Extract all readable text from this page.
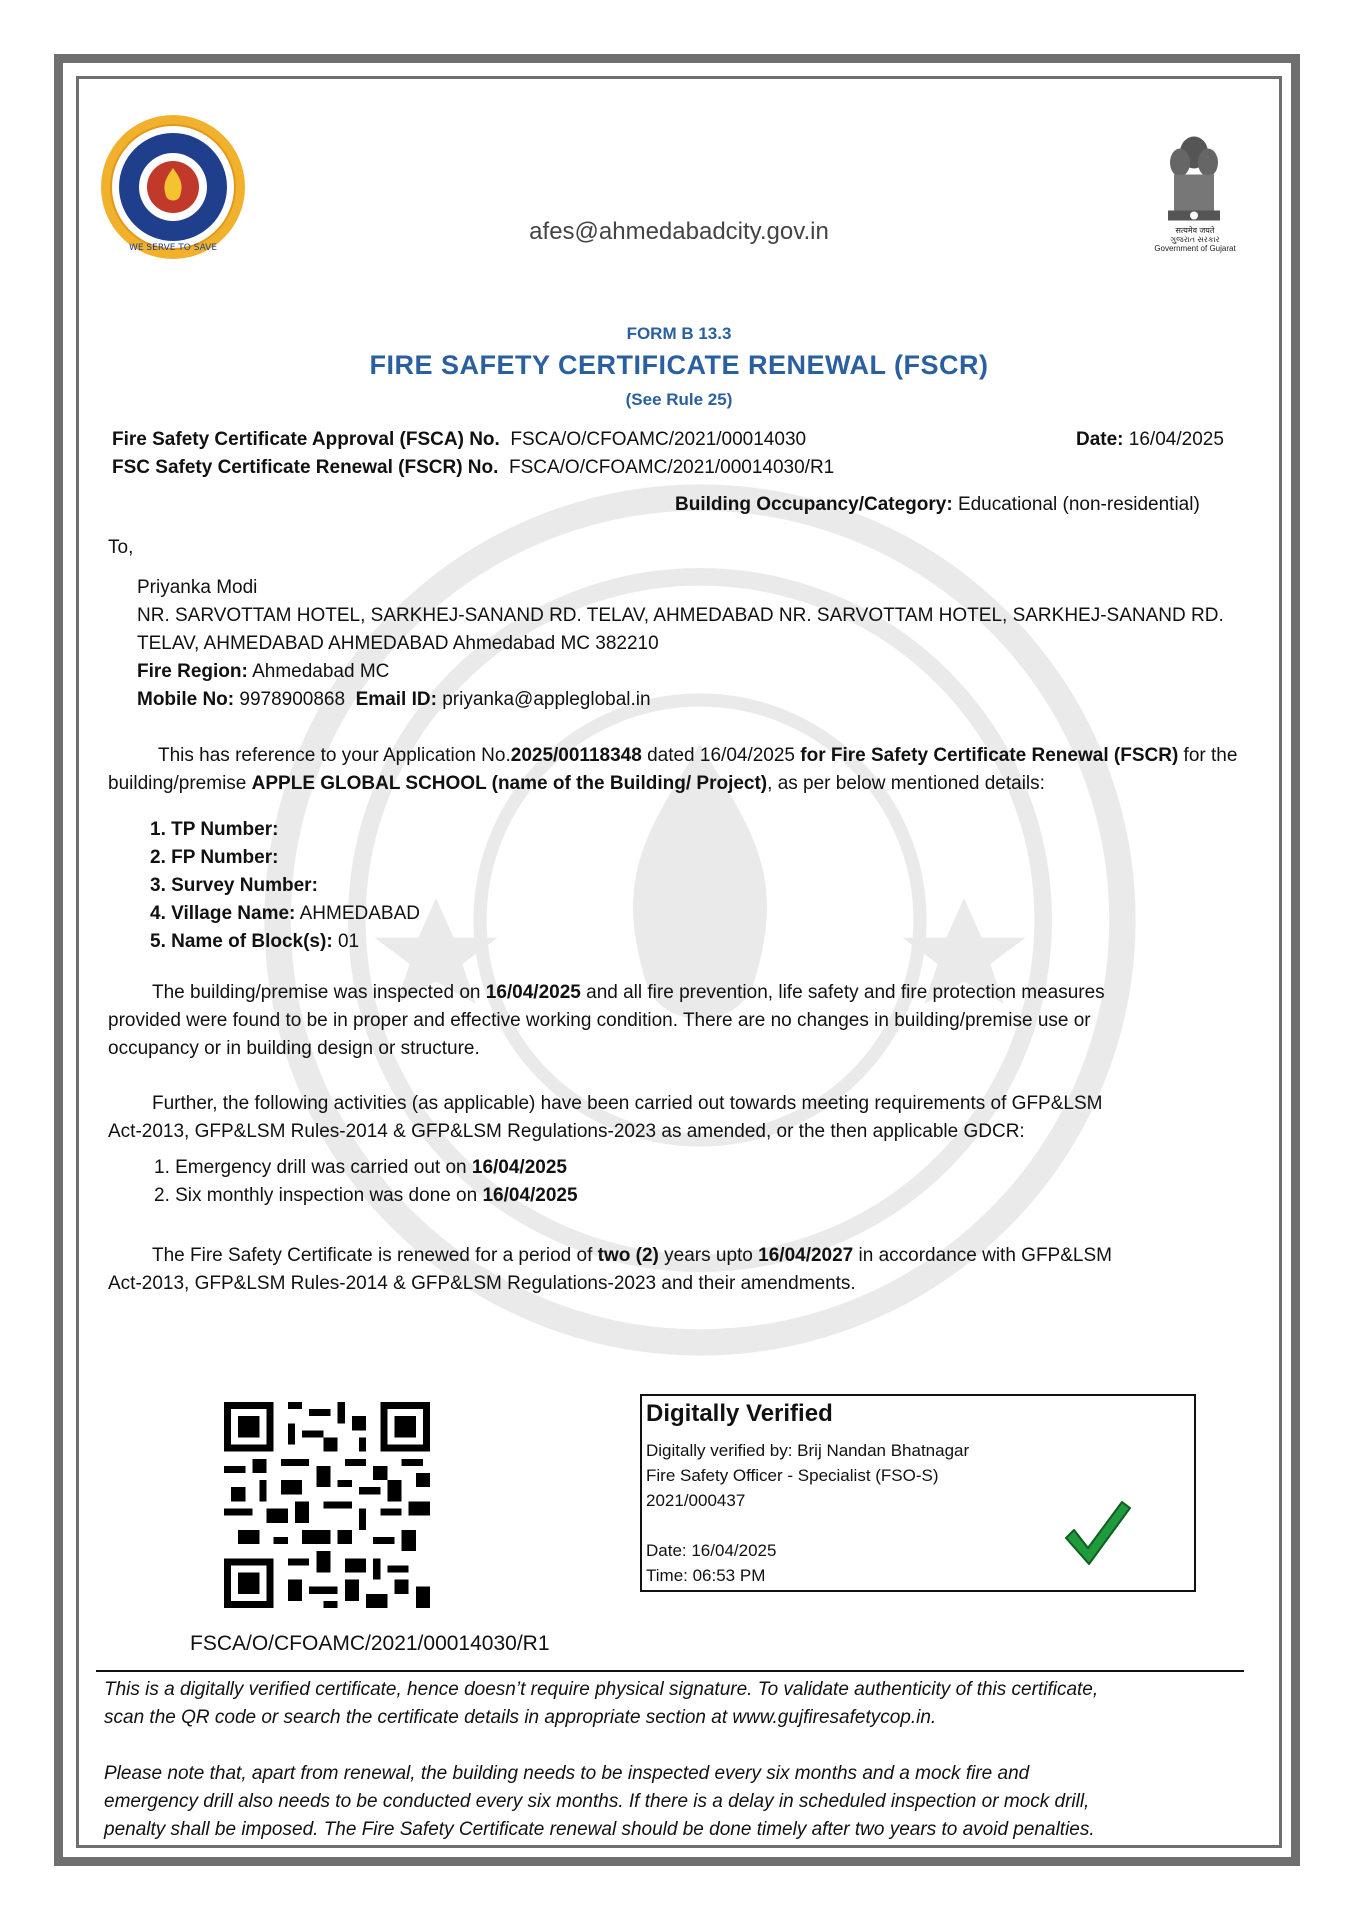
WE SERVE TO SAVE
सत्यमेव जयते
ગુજરાત સરકાર
Government of Gujarat
afes@ahmedabadcity.gov.in
FORM B 13.3
FIRE SAFETY CERTIFICATE RENEWAL (FSCR)
(See Rule 25)
Fire Safety Certificate Approval (FSCA) No. FSCA/O/CFOAMC/2021/00014030	Date: 16/04/2025
FSC Safety Certificate Renewal (FSCR) No. FSCA/O/CFOAMC/2021/00014030/R1
Building Occupancy/Category: Educational (non-residential)
To,
Priyanka Modi
NR. SARVOTTAM HOTEL, SARKHEJ-SANAND RD. TELAV, AHMEDABAD NR. SARVOTTAM HOTEL, SARKHEJ-SANAND RD.
TELAV, AHMEDABAD AHMEDABAD Ahmedabad MC 382210
Fire Region: Ahmedabad MC
Mobile No: 9978900868 Email ID: priyanka@appleglobal.in
This has reference to your Application No.2025/00118348 dated 16/04/2025 for Fire Safety Certificate Renewal (FSCR) for the building/premise APPLE GLOBAL SCHOOL (name of the Building/ Project), as per below mentioned details:
1. TP Number:
2. FP Number:
3. Survey Number:
4. Village Name: AHMEDABAD
5. Name of Block(s): 01
The building/premise was inspected on 16/04/2025 and all fire prevention, life safety and fire protection measures
provided were found to be in proper and effective working condition. There are no changes in building/premise use or
occupancy or in building design or structure.
Further, the following activities (as applicable) have been carried out towards meeting requirements of GFP&LSM
Act-2013, GFP&LSM Rules-2014 & GFP&LSM Regulations-2023 as amended, or the then applicable GDCR:
1. Emergency drill was carried out on 16/04/2025
2. Six monthly inspection was done on 16/04/2025
The Fire Safety Certificate is renewed for a period of two (2) years upto 16/04/2027 in accordance with GFP&LSM
Act-2013, GFP&LSM Rules-2014 & GFP&LSM Regulations-2023 and their amendments.
FSCA/O/CFOAMC/2021/00014030/R1
Digitally Verified
Digitally verified by: Brij Nandan Bhatnagar
Fire Safety Officer - Specialist (FSO-S)
2021/000437
Date: 16/04/2025
Time: 06:53 PM
This is a digitally verified certificate, hence doesn’t require physical signature. To validate authenticity of this certificate,
scan the QR code or search the certificate details in appropriate section at www.gujfiresafetycop.in.
Please note that, apart from renewal, the building needs to be inspected every six months and a mock fire and
emergency drill also needs to be conducted every six months. If there is a delay in scheduled inspection or mock drill,
penalty shall be imposed. The Fire Safety Certificate renewal should be done timely after two years to avoid penalties.
